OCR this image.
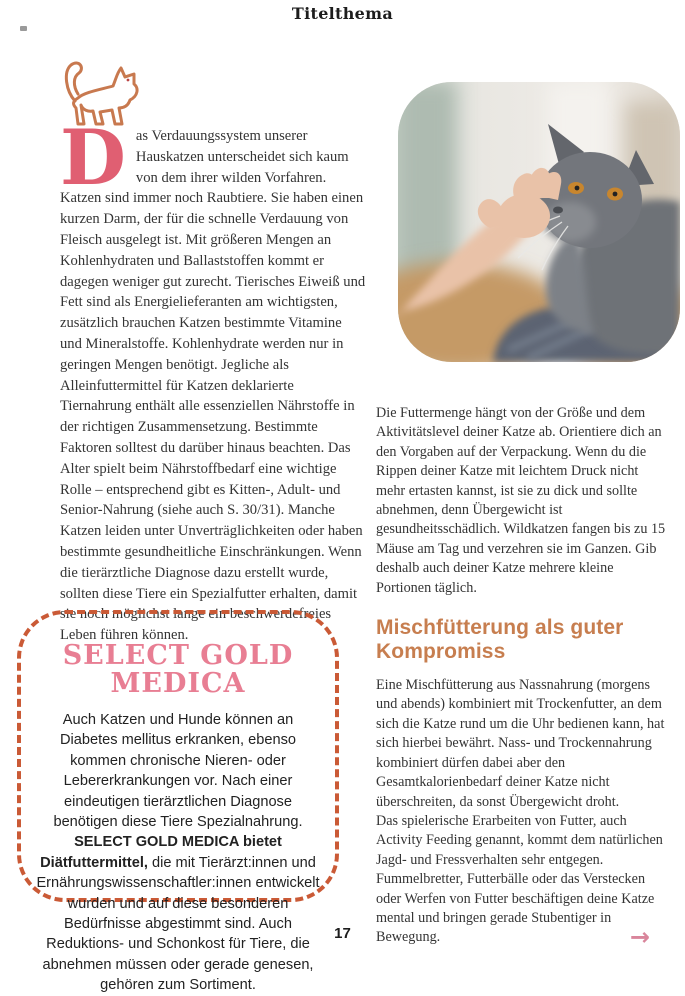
Titelthema
Das Verdauungssystem unserer Hauskatzen unterscheidet sich kaum von dem ihrer wilden Vorfahren. Katzen sind immer noch Raubtiere. Sie haben einen kurzen Darm, der für die schnelle Verdauung von Fleisch ausgelegt ist. Mit größeren Mengen an Kohlenhydraten und Ballaststoffen kommt er dagegen weniger gut zurecht. Tierisches Eiweiß und Fett sind als Energielieferanten am wichtigsten, zusätzlich brauchen Katzen bestimmte Vitamine und Mineralstoffe. Kohlenhydrate werden nur in geringen Mengen benötigt. Jegliche als Alleinfuttermittel für Katzen deklarierte Tiernahrung enthält alle essenziellen Nährstoffe in der richtigen Zusammensetzung. Bestimmte Faktoren solltest du darüber hinaus beachten. Das Alter spielt beim Nährstoffbedarf eine wichtige Rolle – entsprechend gibt es Kitten-, Adult- und Senior-Nahrung (siehe auch S. 30/31). Manche Katzen leiden unter Unverträglichkeiten oder haben bestimmte gesundheitliche Einschränkungen. Wenn die tierärztliche Diagnose dazu erstellt wurde, sollten diese Tiere ein Spezialfutter erhalten, damit sie noch möglichst lange ein beschwerdefreies Leben führen können.

Die Futtermenge hängt von der Größe und dem Aktivitätslevel deiner Katze ab. Orientiere dich an den Vorgaben auf der Verpackung. Wenn du die Rippen deiner Katze mit leichtem Druck nicht mehr ertasten kannst, ist sie zu dick und sollte abnehmen, denn Übergewicht ist gesundheitsschädlich. Wildkatzen fangen bis zu 15 Mäuse am Tag und verzehren sie im Ganzen. Gib deshalb auch deiner Katze mehrere kleine Portionen täglich.

Mischfütterung als guter Kompromiss

Eine Mischfütterung aus Nassnahrung (morgens und abends) kombiniert mit Trockenfutter, an dem sich die Katze rund um die Uhr bedienen kann, hat sich hierbei bewährt. Nass- und Trockennahrung kombiniert dürfen dabei aber den Gesamtkalorienbedarf deiner Katze nicht überschreiten, da sonst Übergewicht droht.

Das spielerische Erarbeiten von Futter, auch Activity Feeding genannt, kommt dem natürlichen Jagd- und Fressverhalten sehr entgegen. Fummelbretter, Futterbälle oder das Verstecken oder Werfen von Futter beschäftigen deine Katze mental und bringen gerade Stubentiger in Bewegung.	→
SELECT GOLD MEDICA

Auch Katzen und Hunde können an Diabetes mellitus erkranken, ebenso kommen chronische Nieren- oder Lebererkrankungen vor. Nach einer eindeutigen tierärztlichen Diagnose benötigen diese Tiere Spezialnahrung. SELECT GOLD MEDICA bietet Diätfuttermittel, die mit Tierärzt:innen und Ernährungswissenschaftler:innen entwickelt wurden und auf diese besonderen Bedürfnisse abgestimmt sind. Auch Reduktions- und Schonkost für Tiere, die abnehmen müssen oder gerade genesen, gehören zum Sortiment.

17
